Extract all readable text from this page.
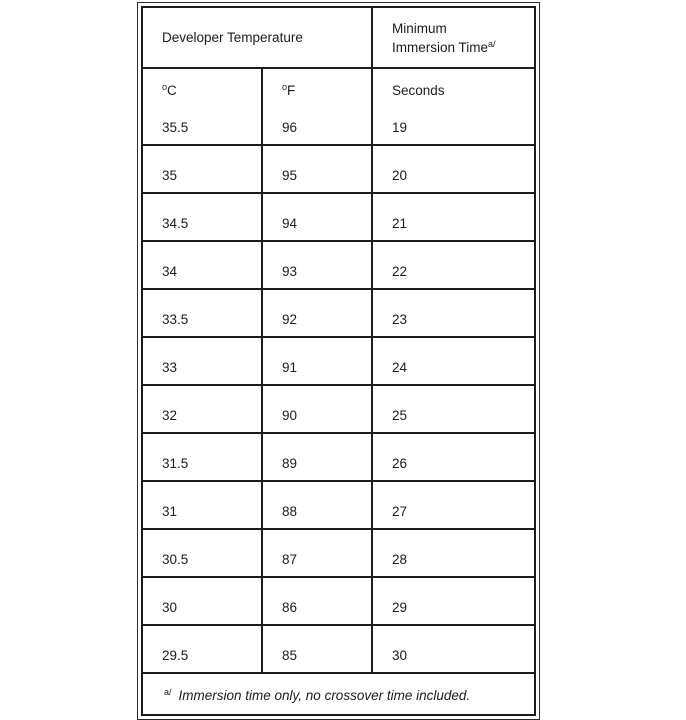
Developer Temperature		Minimum
Immersion Time$^{a/}$

$^o$C
35.5

$^o$F
96

Seconds
19

35	95	20
34.5	94	21
34	93	22
33.5	92	23
33	91	24
32	90	25
31.5	89	26
31	88	27
30.5	87	28
30	86	29
29.5	85	30
$^{a/}$ Immersion time only, no crossover time included.		
